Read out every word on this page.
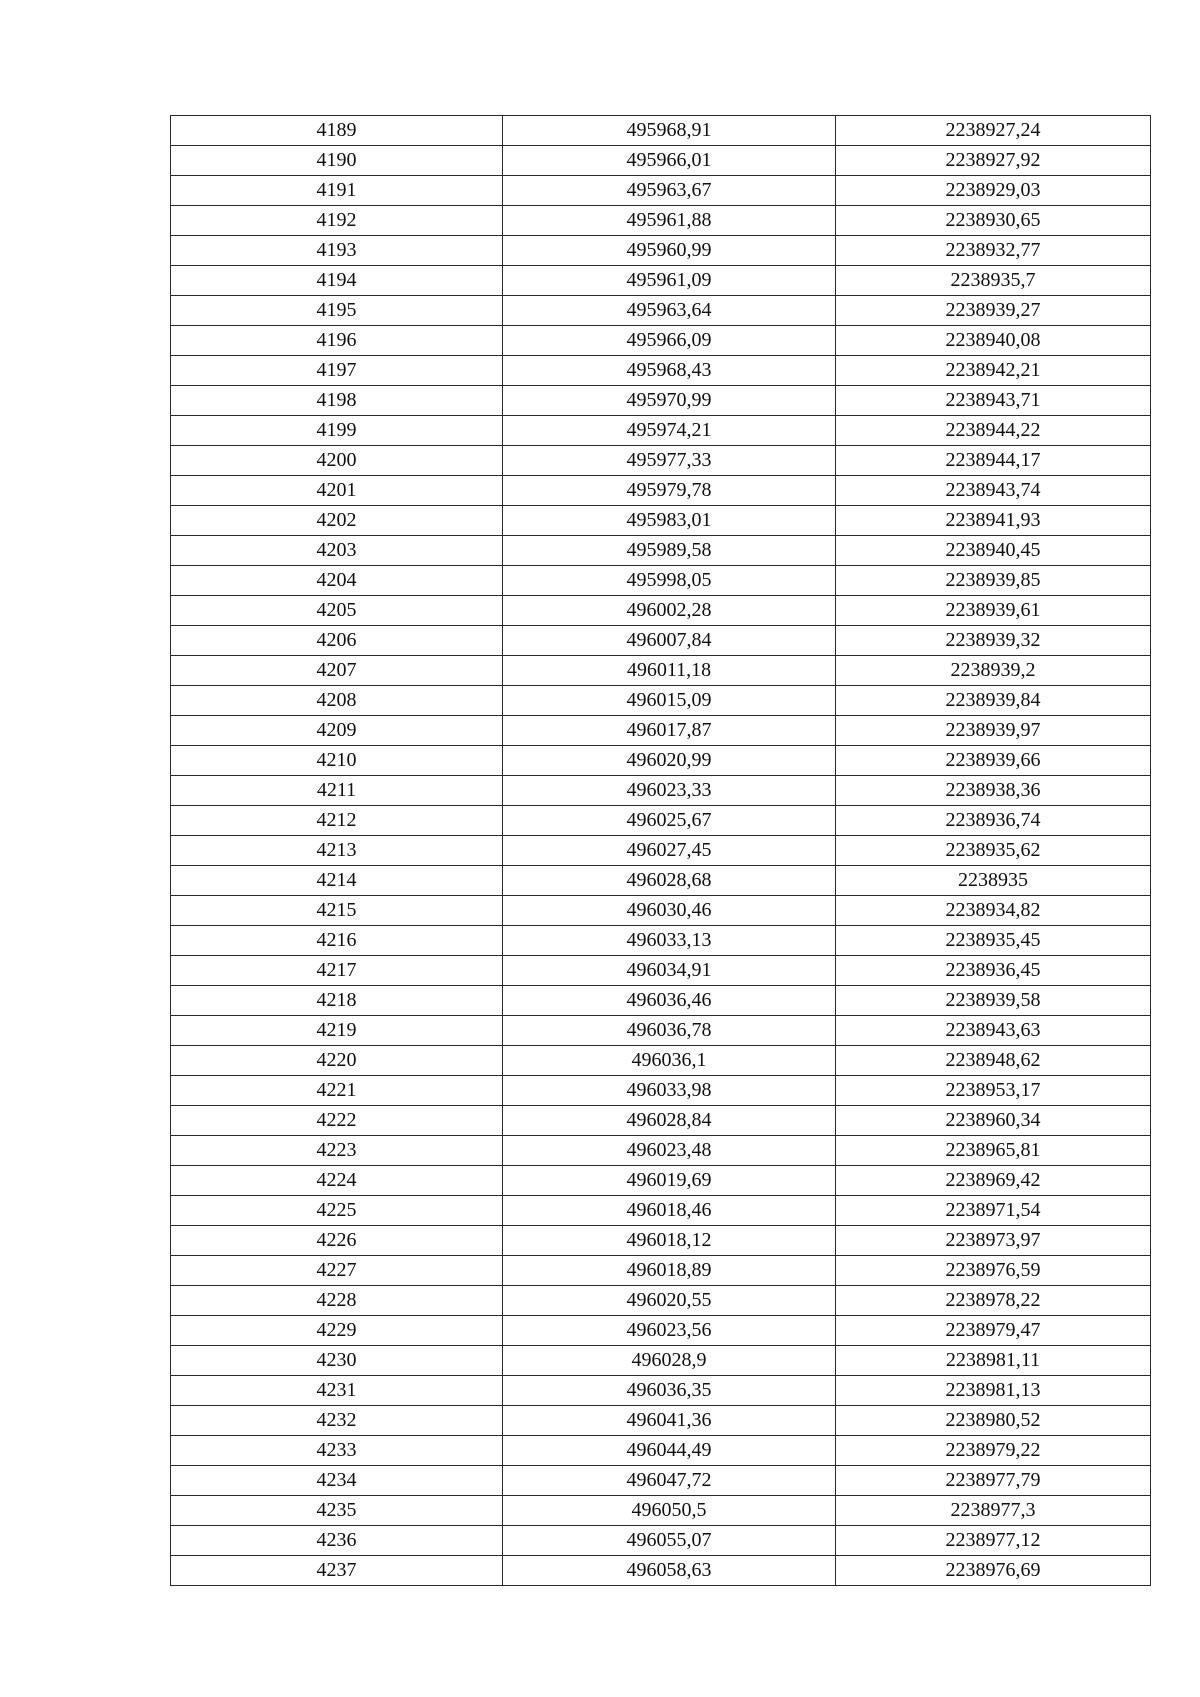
4189	495968,91	2238927,24
4190	495966,01	2238927,92
4191	495963,67	2238929,03
4192	495961,88	2238930,65
4193	495960,99	2238932,77
4194	495961,09	2238935,7
4195	495963,64	2238939,27
4196	495966,09	2238940,08
4197	495968,43	2238942,21
4198	495970,99	2238943,71
4199	495974,21	2238944,22
4200	495977,33	2238944,17
4201	495979,78	2238943,74
4202	495983,01	2238941,93
4203	495989,58	2238940,45
4204	495998,05	2238939,85
4205	496002,28	2238939,61
4206	496007,84	2238939,32
4207	496011,18	2238939,2
4208	496015,09	2238939,84
4209	496017,87	2238939,97
4210	496020,99	2238939,66
4211	496023,33	2238938,36
4212	496025,67	2238936,74
4213	496027,45	2238935,62
4214	496028,68	2238935
4215	496030,46	2238934,82
4216	496033,13	2238935,45
4217	496034,91	2238936,45
4218	496036,46	2238939,58
4219	496036,78	2238943,63
4220	496036,1	2238948,62
4221	496033,98	2238953,17
4222	496028,84	2238960,34
4223	496023,48	2238965,81
4224	496019,69	2238969,42
4225	496018,46	2238971,54
4226	496018,12	2238973,97
4227	496018,89	2238976,59
4228	496020,55	2238978,22
4229	496023,56	2238979,47
4230	496028,9	2238981,11
4231	496036,35	2238981,13
4232	496041,36	2238980,52
4233	496044,49	2238979,22
4234	496047,72	2238977,79
4235	496050,5	2238977,3
4236	496055,07	2238977,12
4237	496058,63	2238976,69
